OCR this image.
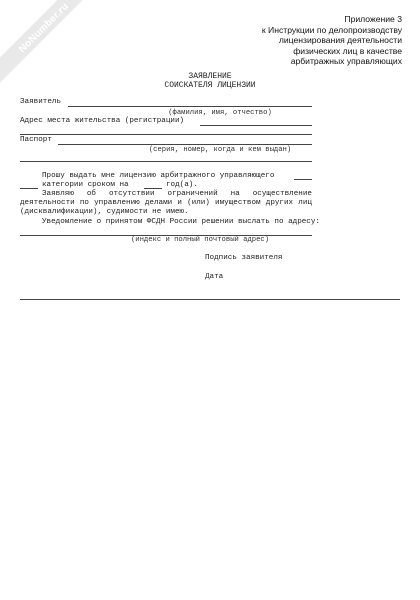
NoNumber.ru	Приложение 3
к Инструкции по делопроизводству
лицензирования деятельности
физических лиц в качестве
арбитражных управляющих
ЗАЯВЛЕНИЕ
СОИСКАТЕЛЯ ЛИЦЕНЗИИ
Заявитель
(фамилия, имя, отчество)
Адрес места жительства (регистрации)
Паспорт
(серия, номер, когда и кем выдан)
Прошу выдать мне лицензию арбитражного управляющего
категории сроком на	год(а).
Заявляю об отсутствии ограничений на осуществление
деятельности по управлению делами и (или) имуществом других лиц
(дисквалификации), судимости не имею.
Уведомление о принятом ФСДН России решении выслать по адресу:
(индекс и полный почтовый адрес)
Подпись заявителя
Дата
